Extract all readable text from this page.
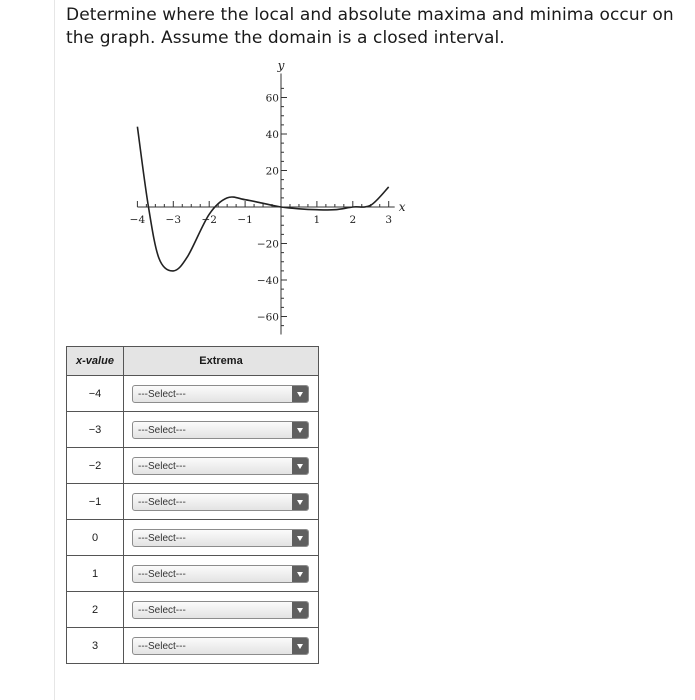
Determine where the local and absolute maxima and minima occur on the graph. Assume the domain is a closed interval.
−4 −3 −2 −1	1	2	3
60
40
20
−20
−40
−60
x
y
x-value	Extrema
−4	---Select---

−3	---Select---

−2	---Select---

−1	---Select---

0	---Select---

1	---Select---

2	---Select---

3	---Select---
